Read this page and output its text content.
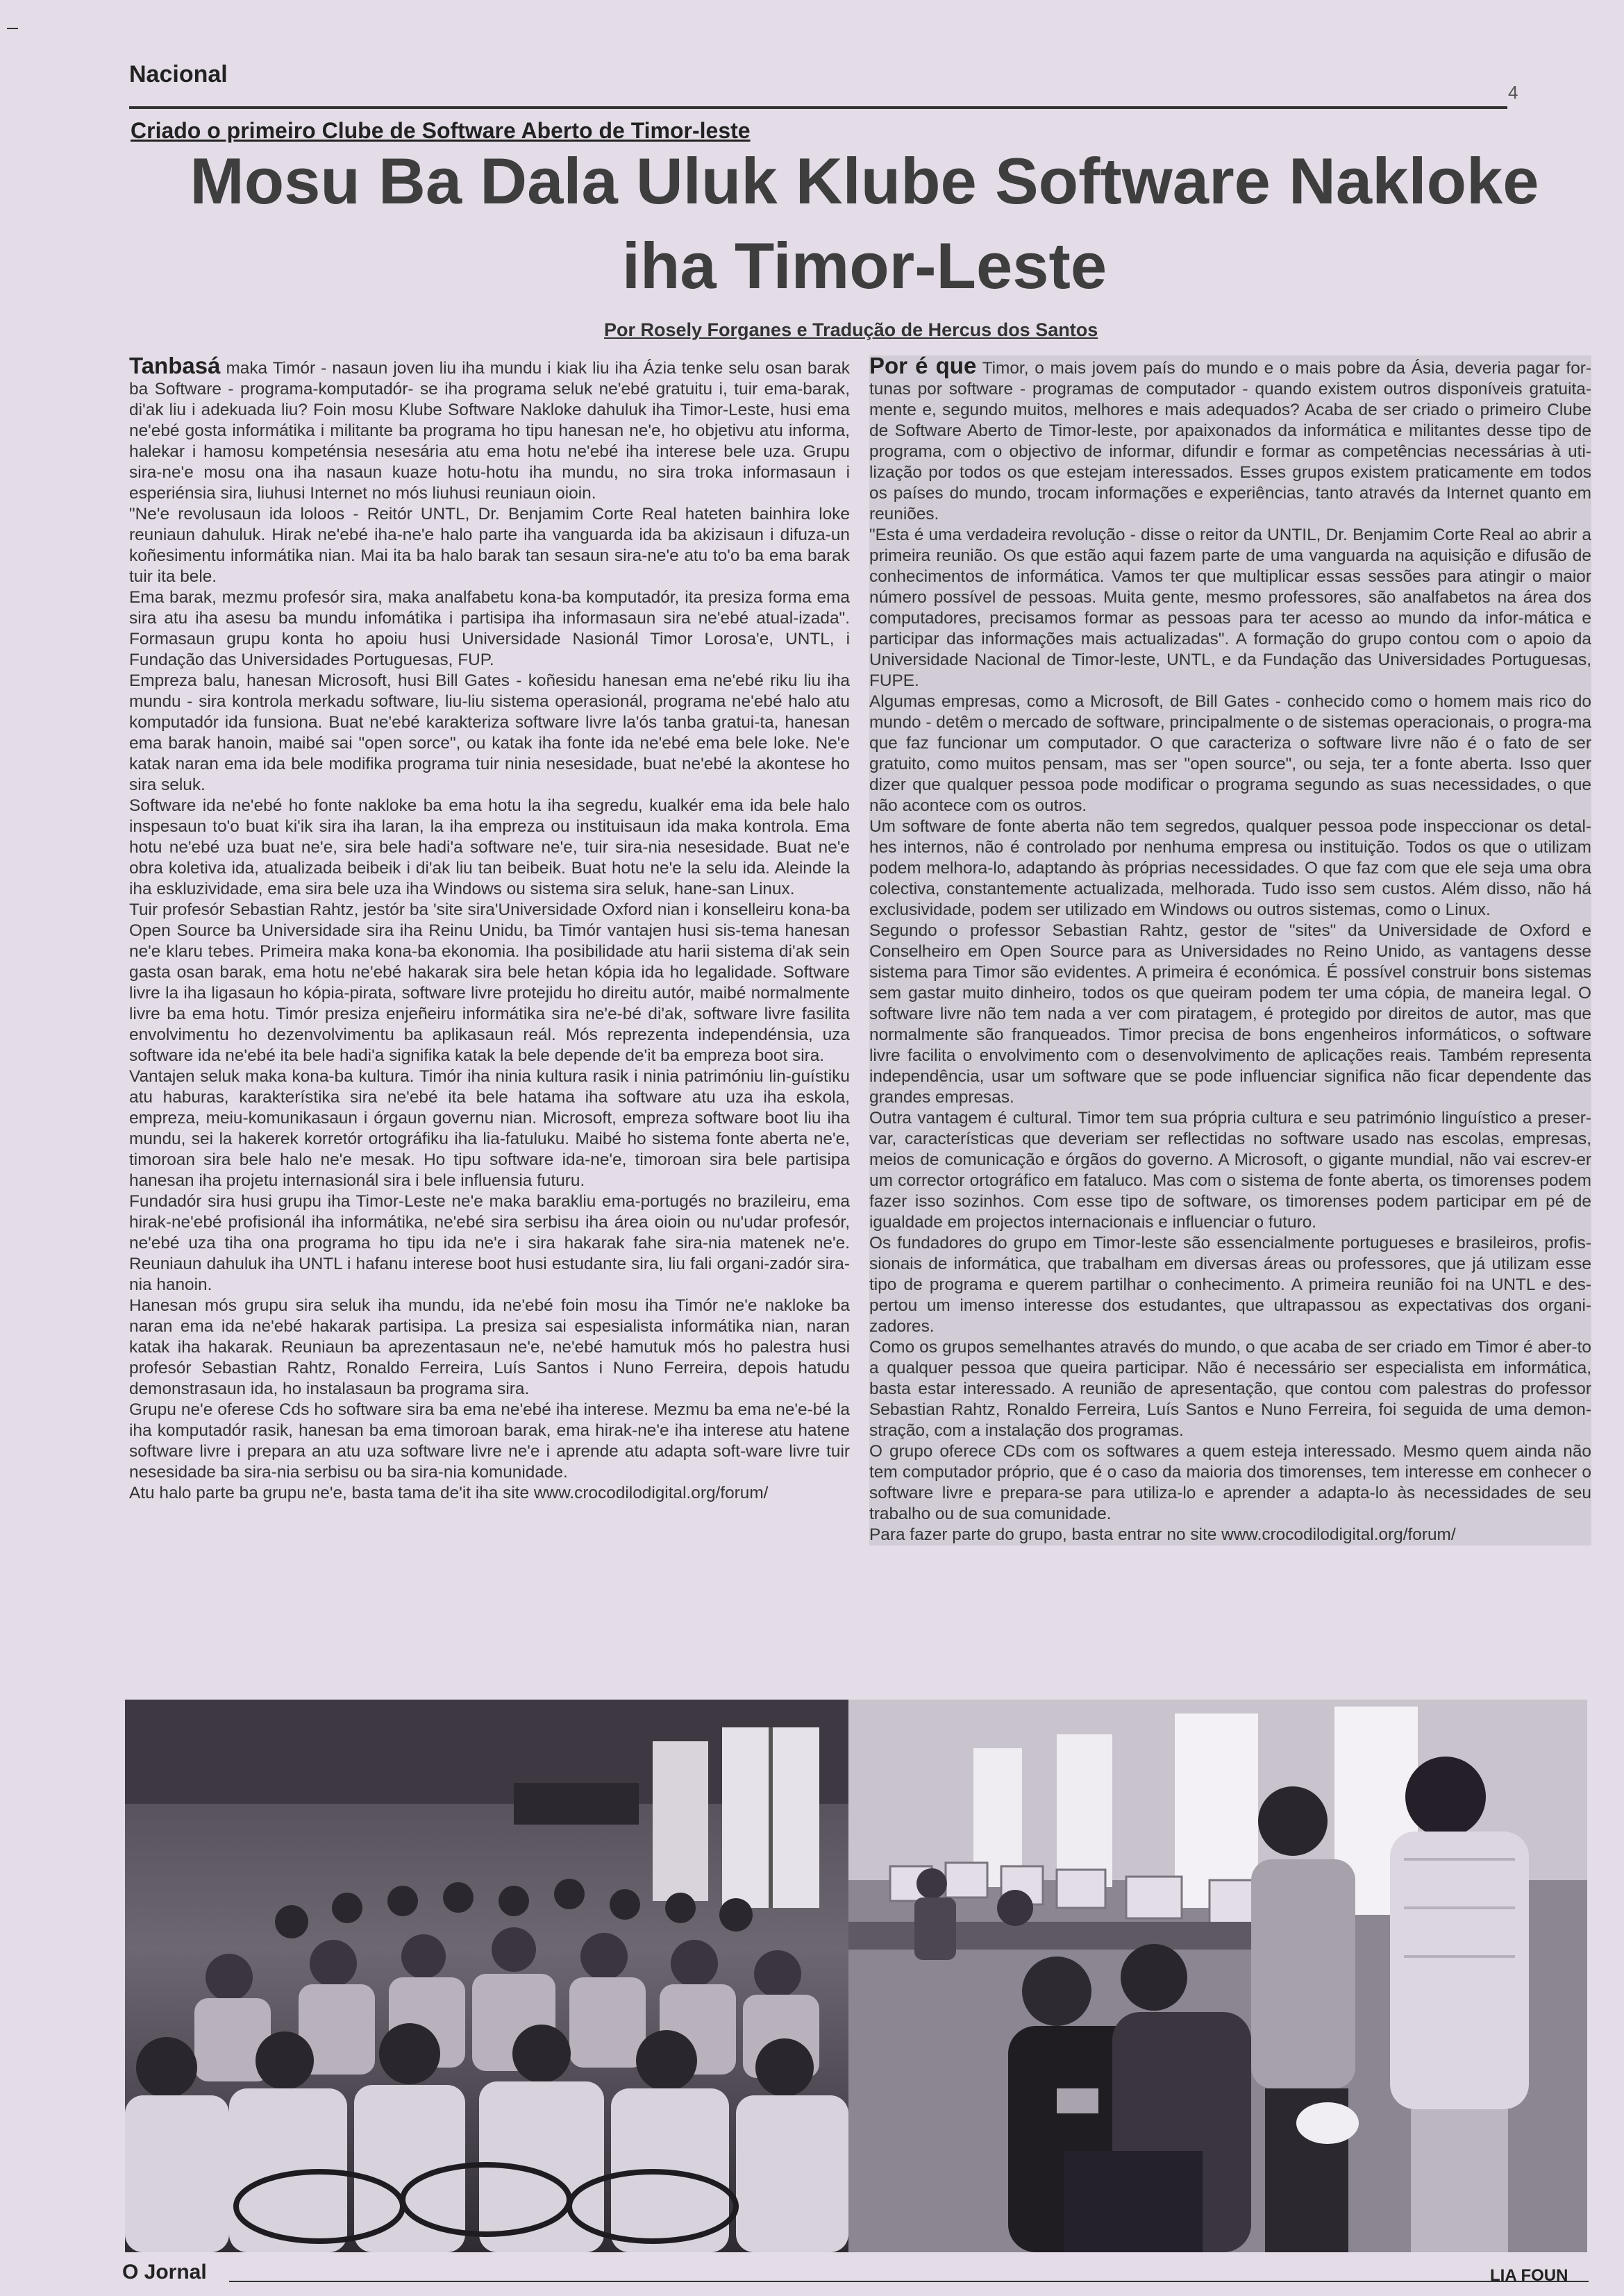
Nacional
4
Criado o primeiro Clube de Software Aberto de Timor-leste
Mosu Ba Dala Uluk Klube Software Nakloke iha Timor-Leste
Por Rosely Forganes e Tradução de Hercus dos Santos

Tanbasá maka Timór - nasaun joven liu iha mundu i kiak liu iha Ázia tenke selu osan barak ba Software - programa-komputadór- se iha programa seluk ne'ebé gratuitu i, tuir ema-barak, di'ak liu i adekuada liu? Foin mosu Klube Software Nakloke dahuluk iha Timor-Leste, husi ema ne'ebé gosta informátika i militante ba programa ho tipu hanesan ne'e, ho objetivu atu informa, halekar i hamosu kompeténsia nesesária atu ema hotu ne'ebé iha interese bele uza. Grupu sira-ne'e mosu ona iha nasaun kuaze hotu-hotu iha mundu, no sira troka informasaun i esperiénsia sira, liuhusi Internet no mós liuhusi reuniaun oioin.

"Ne'e revolusaun ida loloos - Reitór UNTL, Dr. Benjamim Corte Real hateten bainhira loke reuniaun dahuluk. Hirak ne'ebé iha-ne'e halo parte iha vanguarda ida ba akizisaun i difuza-un koñesimentu informátika nian. Mai ita ba halo barak tan sesaun sira-ne'e atu to'o ba ema barak tuir ita bele.

Ema barak, mezmu profesór sira, maka analfabetu kona-ba komputadór, ita presiza forma ema sira atu iha asesu ba mundu infomátika i partisipa iha informasaun sira ne'ebé atual-izada". Formasaun grupu konta ho apoiu husi Universidade Nasionál Timor Lorosa'e, UNTL, i Fundação das Universidades Portuguesas, FUP.

Empreza balu, hanesan Microsoft, husi Bill Gates - koñesidu hanesan ema ne'ebé riku liu iha mundu - sira kontrola merkadu software, liu-liu sistema operasionál, programa ne'ebé halo atu komputadór ida funsiona. Buat ne'ebé karakteriza software livre la'ós tanba gratui-ta, hanesan ema barak hanoin, maibé sai "open sorce", ou katak iha fonte ida ne'ebé ema bele loke. Ne'e katak naran ema ida bele modifika programa tuir ninia nesesidade, buat ne'ebé la akontese ho sira seluk.

Software ida ne'ebé ho fonte nakloke ba ema hotu la iha segredu, kualkér ema ida bele halo inspesaun to'o buat ki'ik sira iha laran, la iha empreza ou instituisaun ida maka kontrola. Ema hotu ne'ebé uza buat ne'e, sira bele hadi'a software ne'e, tuir sira-nia nesesidade. Buat ne'e obra koletiva ida, atualizada beibeik i di'ak liu tan beibeik. Buat hotu ne'e la selu ida. Aleinde la iha eskluzividade, ema sira bele uza iha Windows ou sistema sira seluk, hane-san Linux.

Tuir profesór Sebastian Rahtz, jestór ba 'site sira'Universidade Oxford nian i konselleiru kona-ba Open Source ba Universidade sira iha Reinu Unidu, ba Timór vantajen husi sis-tema hanesan ne'e klaru tebes. Primeira maka kona-ba ekonomia. Iha posibilidade atu harii sistema di'ak sein gasta osan barak, ema hotu ne'ebé hakarak sira bele hetan kópia ida ho legalidade. Software livre la iha ligasaun ho kópia-pirata, software livre protejidu ho direitu autór, maibé normalmente livre ba ema hotu. Timór presiza enjeñeiru informátika sira ne'e-bé di'ak, software livre fasilita envolvimentu ho dezenvolvimentu ba aplikasaun reál. Mós reprezenta independénsia, uza software ida ne'ebé ita bele hadi'a signifika katak la bele depende de'it ba empreza boot sira.

Vantajen seluk maka kona-ba kultura. Timór iha ninia kultura rasik i ninia patrimóniu lin-guístiku atu haburas, karakterístika sira ne'ebé ita bele hatama iha software atu uza iha eskola, empreza, meiu-komunikasaun i órgaun governu nian. Microsoft, empreza software boot liu iha mundu, sei la hakerek korretór ortográfiku iha lia-fatuluku. Maibé ho sistema fonte aberta ne'e, timoroan sira bele halo ne'e mesak. Ho tipu software ida-ne'e, timoroan sira bele partisipa hanesan iha projetu internasionál sira i bele influensia futuru.

Fundadór sira husi grupu iha Timor-Leste ne'e maka barakliu ema-portugés no brazileiru, ema hirak-ne'ebé profisionál iha informátika, ne'ebé sira serbisu iha área oioin ou nu'udar profesór, ne'ebé uza tiha ona programa ho tipu ida ne'e i sira hakarak fahe sira-nia matenek ne'e. Reuniaun dahuluk iha UNTL i hafanu interese boot husi estudante sira, liu fali organi-zadór sira-nia hanoin.

Hanesan mós grupu sira seluk iha mundu, ida ne'ebé foin mosu iha Timór ne'e nakloke ba naran ema ida ne'ebé hakarak partisipa. La presiza sai espesialista informátika nian, naran katak iha hakarak. Reuniaun ba aprezentasaun ne'e, ne'ebé hamutuk mós ho palestra husi profesór Sebastian Rahtz, Ronaldo Ferreira, Luís Santos i Nuno Ferreira, depois hatudu demonstrasaun ida, ho instalasaun ba programa sira.

Grupu ne'e oferese Cds ho software sira ba ema ne'ebé iha interese. Mezmu ba ema ne'e-bé la iha komputadór rasik, hanesan ba ema timoroan barak, ema hirak-ne'e iha interese atu hatene software livre i prepara an atu uza software livre ne'e i aprende atu adapta soft-ware livre tuir nesesidade ba sira-nia serbisu ou ba sira-nia komunidade.

Atu halo parte ba grupu ne'e, basta tama de'it iha site www.crocodilodigital.org/forum/

Por é que Timor, o mais jovem país do mundo e o mais pobre da Ásia, deveria pagar for-tunas por software - programas de computador - quando existem outros disponíveis gratuita-mente e, segundo muitos, melhores e mais adequados? Acaba de ser criado o primeiro Clube de Software Aberto de Timor-leste, por apaixonados da informática e militantes desse tipo de programa, com o objectivo de informar, difundir e formar as competências necessárias à uti-lização por todos os que estejam interessados. Esses grupos existem praticamente em todos os países do mundo, trocam informações e experiências, tanto através da Internet quanto em reuniões.

"Esta é uma verdadeira revolução - disse o reitor da UNTIL, Dr. Benjamim Corte Real ao abrir a primeira reunião. Os que estão aqui fazem parte de uma vanguarda na aquisição e difusão de conhecimentos de informática. Vamos ter que multiplicar essas sessões para atingir o maior número possível de pessoas. Muita gente, mesmo professores, são analfabetos na área dos computadores, precisamos formar as pessoas para ter acesso ao mundo da infor-mática e participar das informações mais actualizadas". A formação do grupo contou com o apoio da Universidade Nacional de Timor-leste, UNTL, e da Fundação das Universidades Portuguesas, FUPE.

Algumas empresas, como a Microsoft, de Bill Gates - conhecido como o homem mais rico do mundo - detêm o mercado de software, principalmente o de sistemas operacionais, o progra-ma que faz funcionar um computador. O que caracteriza o software livre não é o fato de ser gratuito, como muitos pensam, mas ser "open source", ou seja, ter a fonte aberta. Isso quer dizer que qualquer pessoa pode modificar o programa segundo as suas necessidades, o que não acontece com os outros.

Um software de fonte aberta não tem segredos, qualquer pessoa pode inspeccionar os detal-hes internos, não é controlado por nenhuma empresa ou instituição. Todos os que o utilizam podem melhora-lo, adaptando às próprias necessidades. O que faz com que ele seja uma obra colectiva, constantemente actualizada, melhorada. Tudo isso sem custos. Além disso, não há exclusividade, podem ser utilizado em Windows ou outros sistemas, como o Linux.

Segundo o professor Sebastian Rahtz, gestor de "sites" da Universidade de Oxford e Conselheiro em Open Source para as Universidades no Reino Unido, as vantagens desse sistema para Timor são evidentes. A primeira é económica. É possível construir bons sistemas sem gastar muito dinheiro, todos os que queiram podem ter uma cópia, de maneira legal. O software livre não tem nada a ver com piratagem, é protegido por direitos de autor, mas que normalmente são franqueados. Timor precisa de bons engenheiros informáticos, o software livre facilita o envolvimento com o desenvolvimento de aplicações reais. Também representa independência, usar um software que se pode influenciar significa não ficar dependente das grandes empresas.

Outra vantagem é cultural. Timor tem sua própria cultura e seu património linguístico a preser-var, características que deveriam ser reflectidas no software usado nas escolas, empresas, meios de comunicação e órgãos do governo. A Microsoft, o gigante mundial, não vai escrev-er um corrector ortográfico em fataluco. Mas com o sistema de fonte aberta, os timorenses podem fazer isso sozinhos. Com esse tipo de software, os timorenses podem participar em pé de igualdade em projectos internacionais e influenciar o futuro.

Os fundadores do grupo em Timor-leste são essencialmente portugueses e brasileiros, profis-sionais de informática, que trabalham em diversas áreas ou professores, que já utilizam esse tipo de programa e querem partilhar o conhecimento. A primeira reunião foi na UNTL e des-pertou um imenso interesse dos estudantes, que ultrapassou as expectativas dos organi-zadores.

Como os grupos semelhantes através do mundo, o que acaba de ser criado em Timor é aber-to a qualquer pessoa que queira participar. Não é necessário ser especialista em informática, basta estar interessado. A reunião de apresentação, que contou com palestras do professor Sebastian Rahtz, Ronaldo Ferreira, Luís Santos e Nuno Ferreira, foi seguida de uma demon-stração, com a instalação dos programas.

O grupo oferece CDs com os softwares a quem esteja interessado. Mesmo quem ainda não tem computador próprio, que é o caso da maioria dos timorenses, tem interesse em conhecer o software livre e prepara-se para utiliza-lo e aprender a adapta-lo às necessidades de seu trabalho ou de sua comunidade.

Para fazer parte do grupo, basta entrar no site www.crocodilodigital.org/forum/

O Jornal	LIA FOUN
